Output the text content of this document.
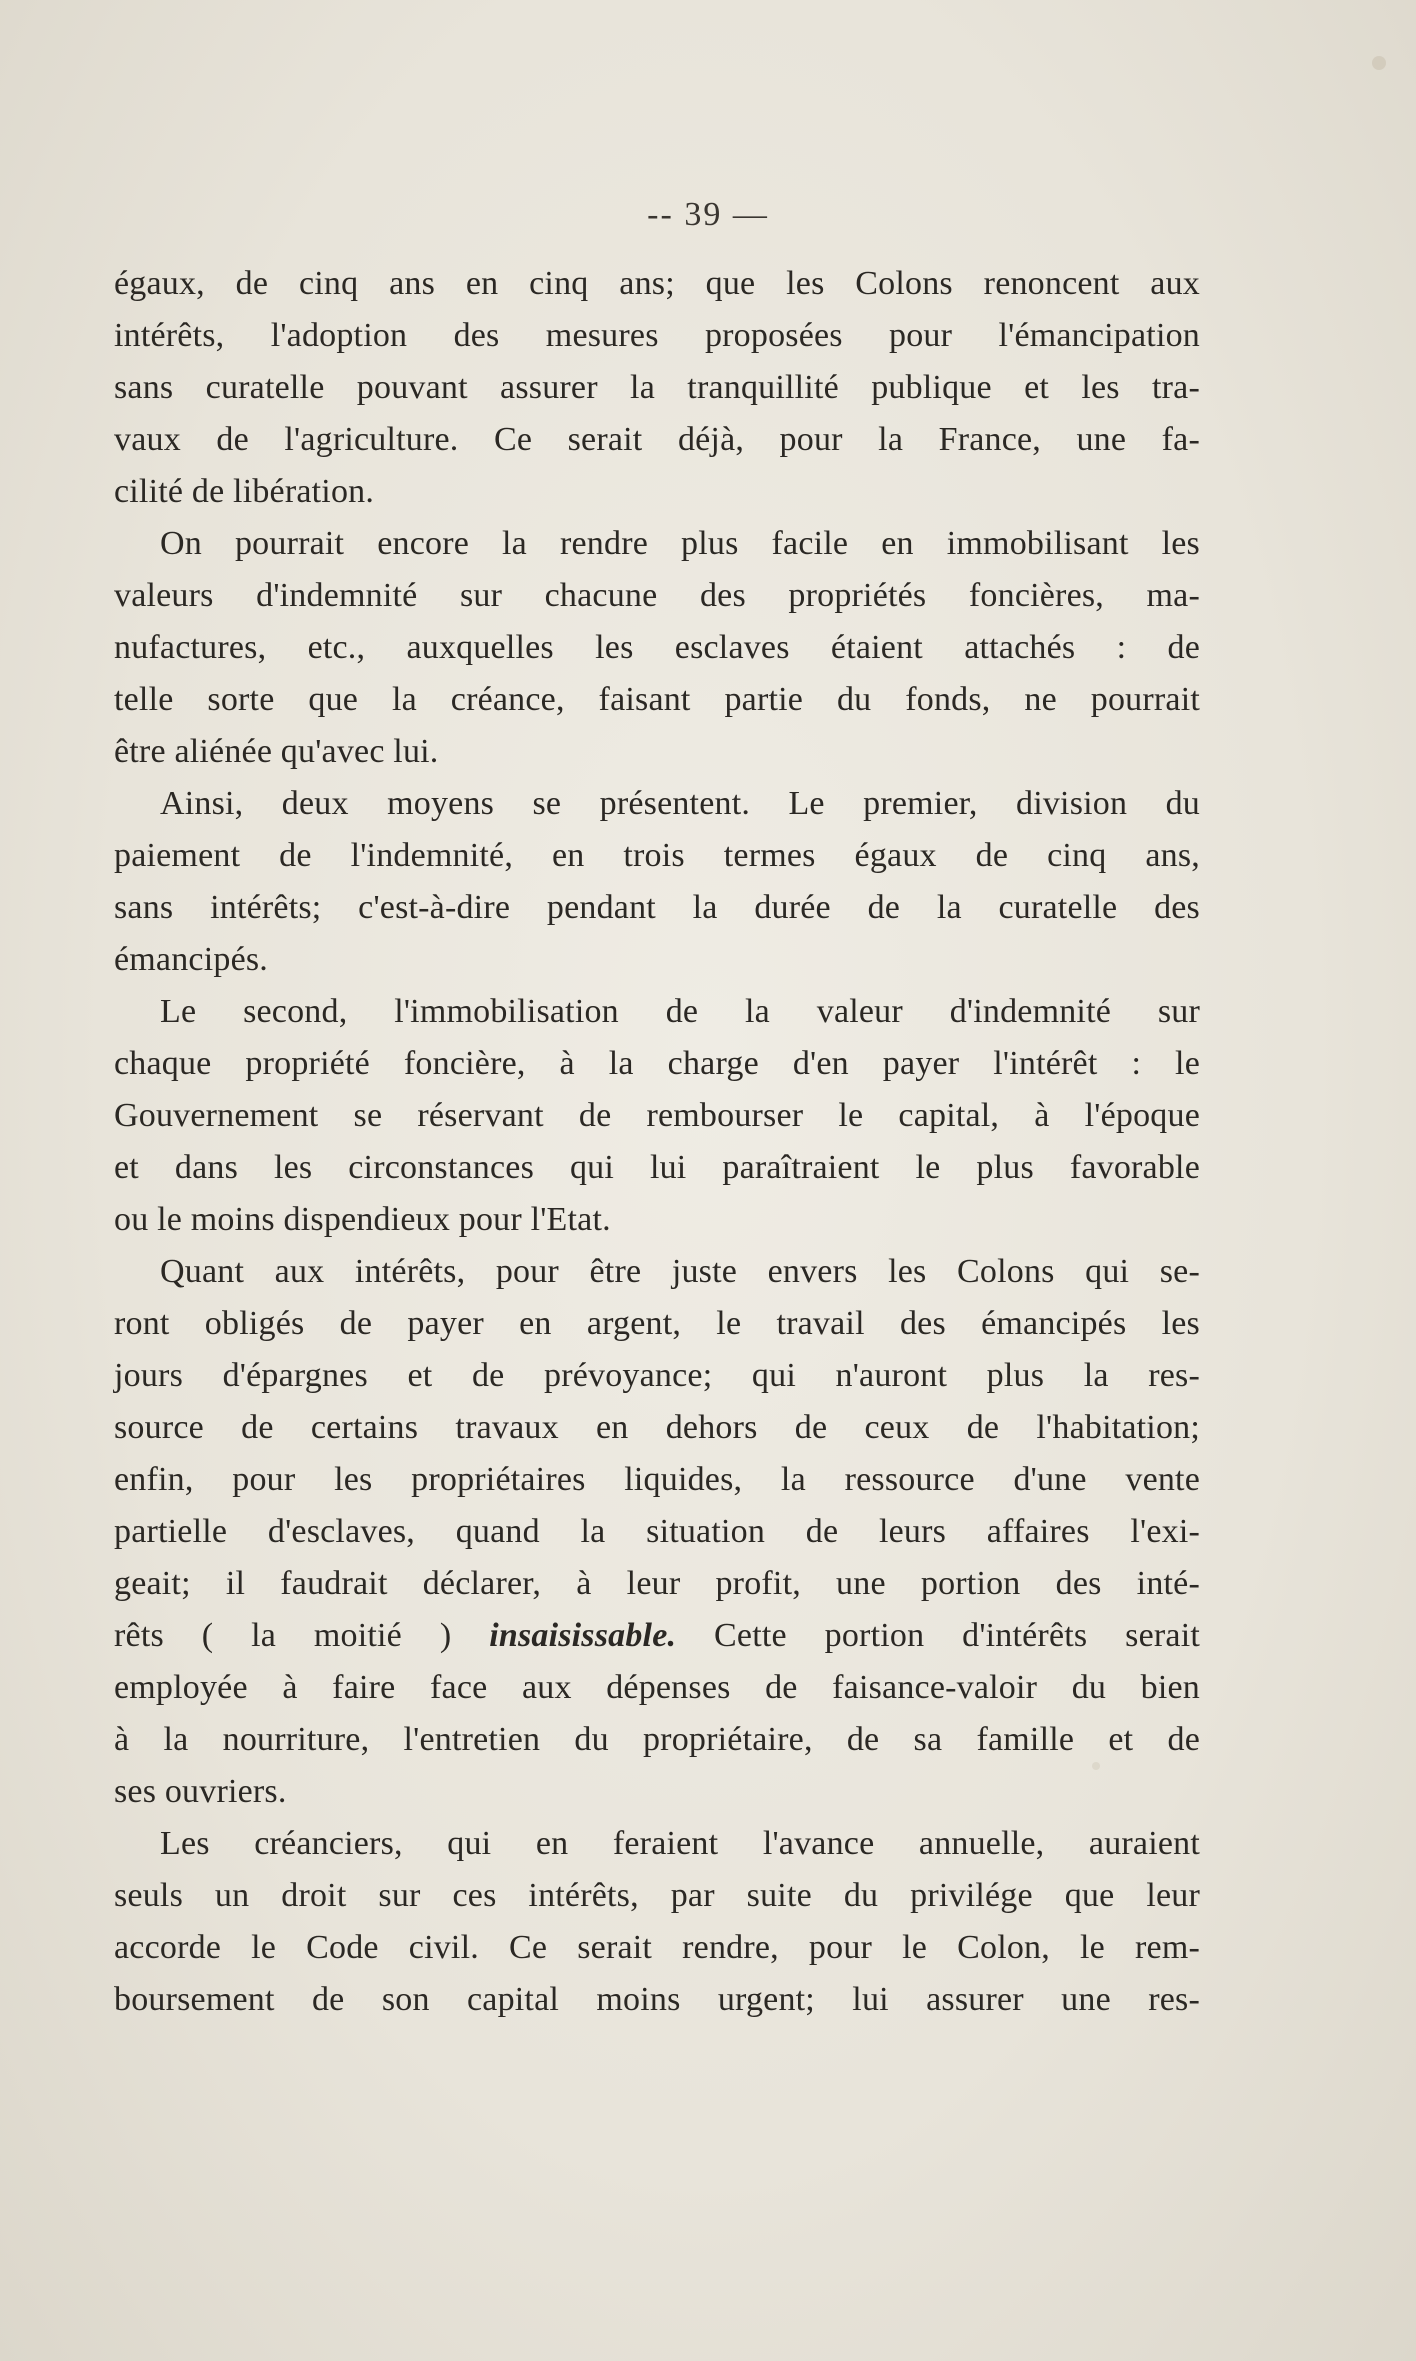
-- 39 —
égaux, de cinq ans en cinq ans; que les Colons renoncent aux
intérêts, l'adoption des mesures proposées pour l'émancipation
sans curatelle pouvant assurer la tranquillité publique et les tra-
vaux de l'agriculture. Ce serait déjà, pour la France, une fa-
cilité de libération.
On pourrait encore la rendre plus facile en immobilisant les
valeurs d'indemnité sur chacune des propriétés foncières, ma-
nufactures, etc., auxquelles les esclaves étaient attachés : de
telle sorte que la créance, faisant partie du fonds, ne pourrait
être aliénée qu'avec lui.
Ainsi, deux moyens se présentent. Le premier, division du
paiement de l'indemnité, en trois termes égaux de cinq ans,
sans intérêts; c'est-à-dire pendant la durée de la curatelle des
émancipés.
Le second, l'immobilisation de la valeur d'indemnité sur
chaque propriété foncière, à la charge d'en payer l'intérêt : le
Gouvernement se réservant de rembourser le capital, à l'époque
et dans les circonstances qui lui paraîtraient le plus favorable
ou le moins dispendieux pour l'Etat.
Quant aux intérêts, pour être juste envers les Colons qui se-
ront obligés de payer en argent, le travail des émancipés les
jours d'épargnes et de prévoyance; qui n'auront plus la res-
source de certains travaux en dehors de ceux de l'habitation;
enfin, pour les propriétaires liquides, la ressource d'une vente
partielle d'esclaves, quand la situation de leurs affaires l'exi-
geait; il faudrait déclarer, à leur profit, une portion des inté-
rêts ( la moitié ) insaisissable. Cette portion d'intérêts serait
employée à faire face aux dépenses de faisance-valoir du bien
à la nourriture, l'entretien du propriétaire, de sa famille et de
ses ouvriers.
Les créanciers, qui en feraient l'avance annuelle, auraient
seuls un droit sur ces intérêts, par suite du privilége que leur
accorde le Code civil. Ce serait rendre, pour le Colon, le rem-
boursement de son capital moins urgent; lui assurer une res-
